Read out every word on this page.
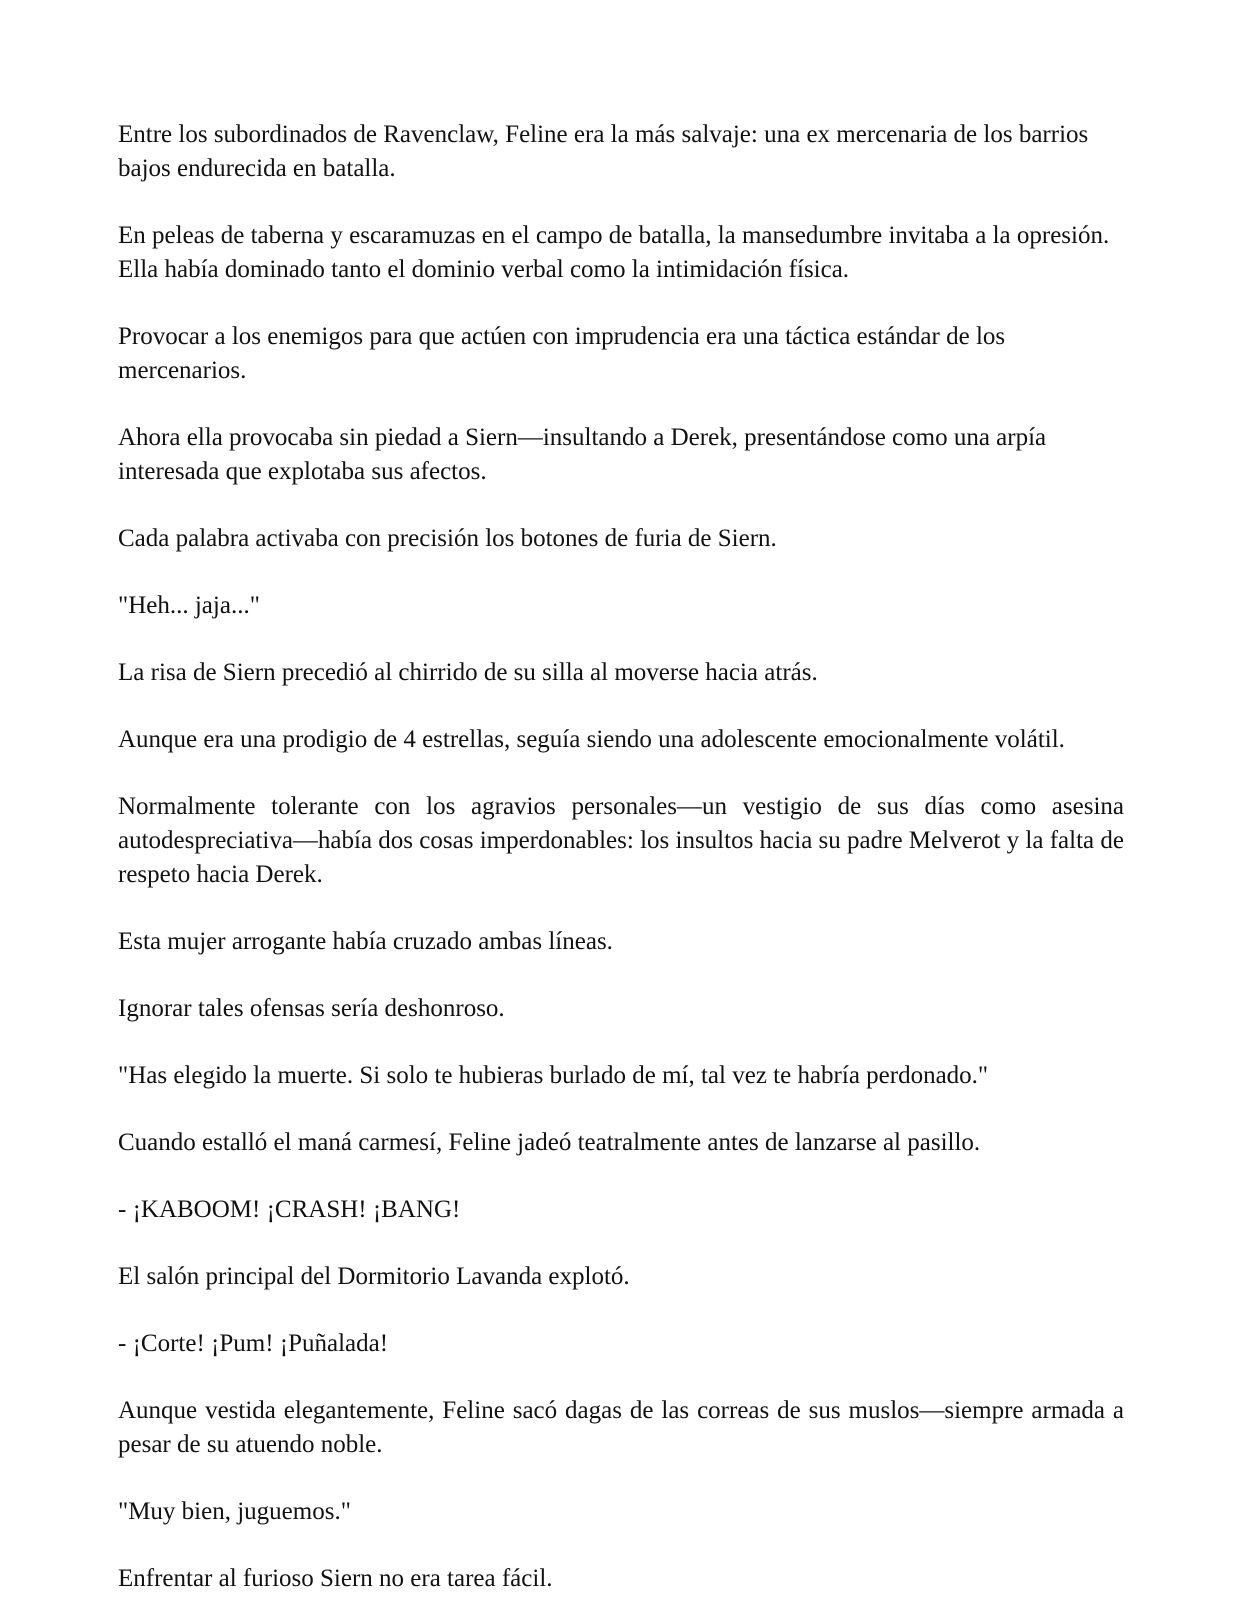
Entre los subordinados de Ravenclaw, Feline era la más salvaje: una ex mercenaria de los barrios bajos endurecida en batalla.

En peleas de taberna y escaramuzas en el campo de batalla, la mansedumbre invitaba a la opresión. Ella había dominado tanto el dominio verbal como la intimidación física.

Provocar a los enemigos para que actúen con imprudencia era una táctica estándar de los mercenarios.

Ahora ella provocaba sin piedad a Siern—insultando a Derek, presentándose como una arpía interesada que explotaba sus afectos.

Cada palabra activaba con precisión los botones de furia de Siern.

"Heh... jaja..."

La risa de Siern precedió al chirrido de su silla al moverse hacia atrás.

Aunque era una prodigio de 4 estrellas, seguía siendo una adolescente emocionalmente volátil.

Normalmente tolerante con los agravios personales—un vestigio de sus días como asesina autodespreciativa—había dos cosas imperdonables: los insultos hacia su padre Melverot y la falta de respeto hacia Derek.

Esta mujer arrogante había cruzado ambas líneas.

Ignorar tales ofensas sería deshonroso.

"Has elegido la muerte. Si solo te hubieras burlado de mí, tal vez te habría perdonado."

Cuando estalló el maná carmesí, Feline jadeó teatralmente antes de lanzarse al pasillo.

- ¡KABOOM! ¡CRASH! ¡BANG!

El salón principal del Dormitorio Lavanda explotó.

- ¡Corte! ¡Pum! ¡Puñalada!

Aunque vestida elegantemente, Feline sacó dagas de las correas de sus muslos—siempre armada a pesar de su atuendo noble.

"Muy bien, juguemos."

Enfrentar al furioso Siern no era tarea fácil.
